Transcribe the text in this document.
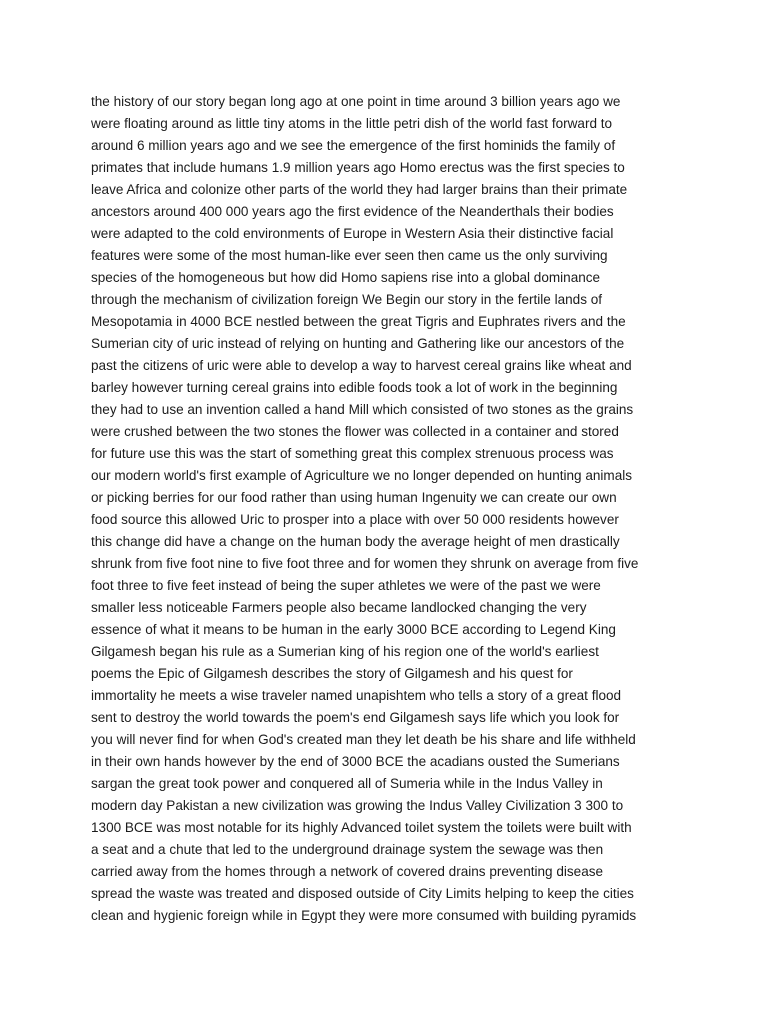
the history of our story began long ago at one point in time around 3 billion years ago we
were floating around as little tiny atoms in the little petri dish of the world fast forward to
around 6 million years ago and we see the emergence of the first hominids the family of
primates that include humans 1.9 million years ago Homo erectus was the first species to
leave Africa and colonize other parts of the world they had larger brains than their primate
ancestors around 400 000 years ago the first evidence of the Neanderthals their bodies
were adapted to the cold environments of Europe in Western Asia their distinctive facial
features were some of the most human-like ever seen then came us the only surviving
species of the homogeneous but how did Homo sapiens rise into a global dominance
through the mechanism of civilization foreign We Begin our story in the fertile lands of
Mesopotamia in 4000 BCE nestled between the great Tigris and Euphrates rivers and the
Sumerian city of uric instead of relying on hunting and Gathering like our ancestors of the
past the citizens of uric were able to develop a way to harvest cereal grains like wheat and
barley however turning cereal grains into edible foods took a lot of work in the beginning
they had to use an invention called a hand Mill which consisted of two stones as the grains
were crushed between the two stones the flower was collected in a container and stored
for future use this was the start of something great this complex strenuous process was
our modern world's first example of Agriculture we no longer depended on hunting animals
or picking berries for our food rather than using human Ingenuity we can create our own
food source this allowed Uric to prosper into a place with over 50 000 residents however
this change did have a change on the human body the average height of men drastically
shrunk from five foot nine to five foot three and for women they shrunk on average from five
foot three to five feet instead of being the super athletes we were of the past we were
smaller less noticeable Farmers people also became landlocked changing the very
essence of what it means to be human in the early 3000 BCE according to Legend King
Gilgamesh began his rule as a Sumerian king of his region one of the world's earliest
poems the Epic of Gilgamesh describes the story of Gilgamesh and his quest for
immortality he meets a wise traveler named unapishtem who tells a story of a great flood
sent to destroy the world towards the poem's end Gilgamesh says life which you look for
you will never find for when God's created man they let death be his share and life withheld
in their own hands however by the end of 3000 BCE the acadians ousted the Sumerians
sargan the great took power and conquered all of Sumeria while in the Indus Valley in
modern day Pakistan a new civilization was growing the Indus Valley Civilization 3 300 to
1300 BCE was most notable for its highly Advanced toilet system the toilets were built with
a seat and a chute that led to the underground drainage system the sewage was then
carried away from the homes through a network of covered drains preventing disease
spread the waste was treated and disposed outside of City Limits helping to keep the cities
clean and hygienic foreign while in Egypt they were more consumed with building pyramids
